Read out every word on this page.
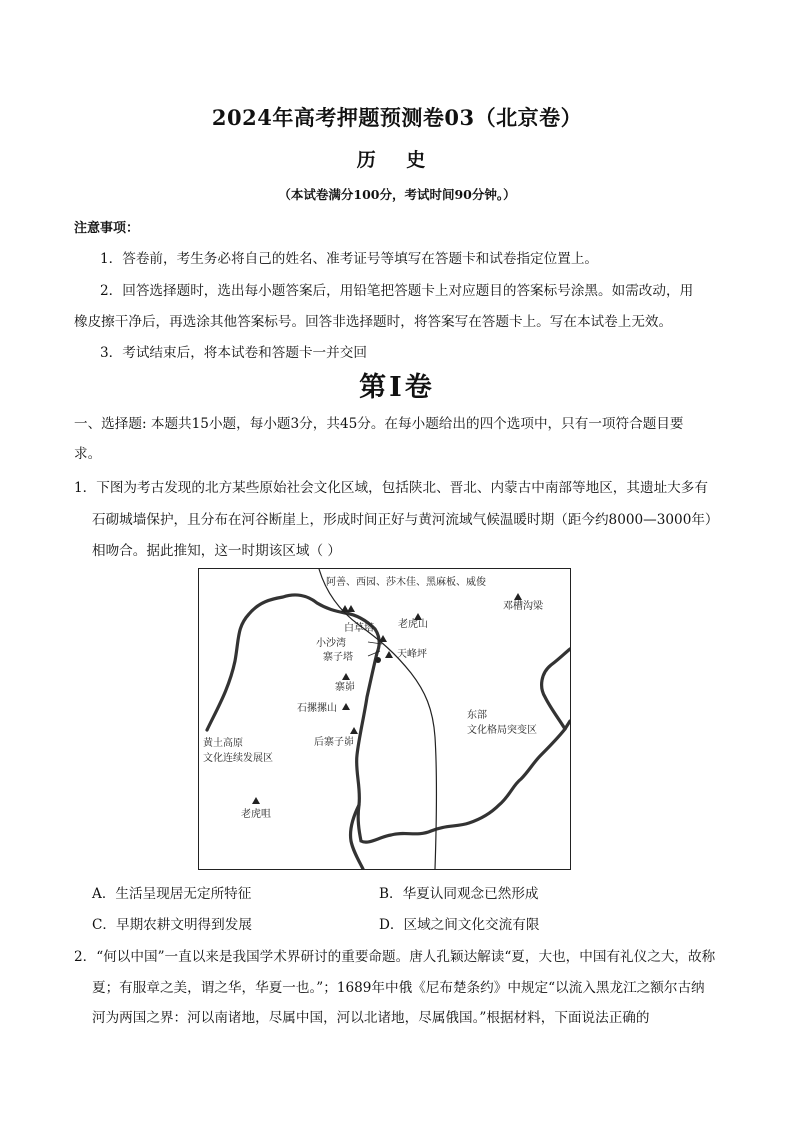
2024年高考押题预测卷03（北京卷）
历 史
（本试卷满分100分，考试时间90分钟。）
注意事项：
1．答卷前，考生务必将自己的姓名、准考证号等填写在答题卡和试卷指定位置上。
2．回答选择题时，选出每小题答案后，用铅笔把答题卡上对应题目的答案标号涂黑。如需改动，用
橡皮擦干净后，再选涂其他答案标号。回答非选择题时，将答案写在答题卡上。写在本试卷上无效。
3．考试结束后，将本试卷和答题卡一并交回
第Ⅰ卷
一、选择题: 本题共15小题，每小题3分，共45分。在每小题给出的四个选项中，只有一项符合题目要
求。
1．下图为考古发现的北方某些原始社会文化区域，包括陕北、晋北、内蒙古中南部等地区，其遗址大多有
石砌城墙保护，且分布在河谷断崖上，形成时间正好与黄河流域气候温暖时期（距今约8000—3000年）
相吻合。据此推知，这一时期该区域（ ）
阿善、西园、莎木佳、黑麻板、威俊
邓槽沟梁
老虎山
白草塔
小沙湾
寨子塔	天峰坪
寨峁
石摞摞山
后寨子峁
东部
文化格局突变区
黄土高原
文化连续发展区
老虎咀
A．生活呈现居无定所特征	B．华夏认同观念已然形成
C．早期农耕文明得到发展	D．区域之间文化交流有限
2．“何以中国”一直以来是我国学术界研讨的重要命题。唐人孔颖达解读“夏，大也，中国有礼仪之大，故称
夏；有服章之美，谓之华，华夏一也。”；1689年中俄《尼布楚条约》中规定“以流入黑龙江之额尔古纳
河为两国之界：河以南诸地，尽属中国，河以北诸地，尽属俄国。”根据材料，下面说法正确的
